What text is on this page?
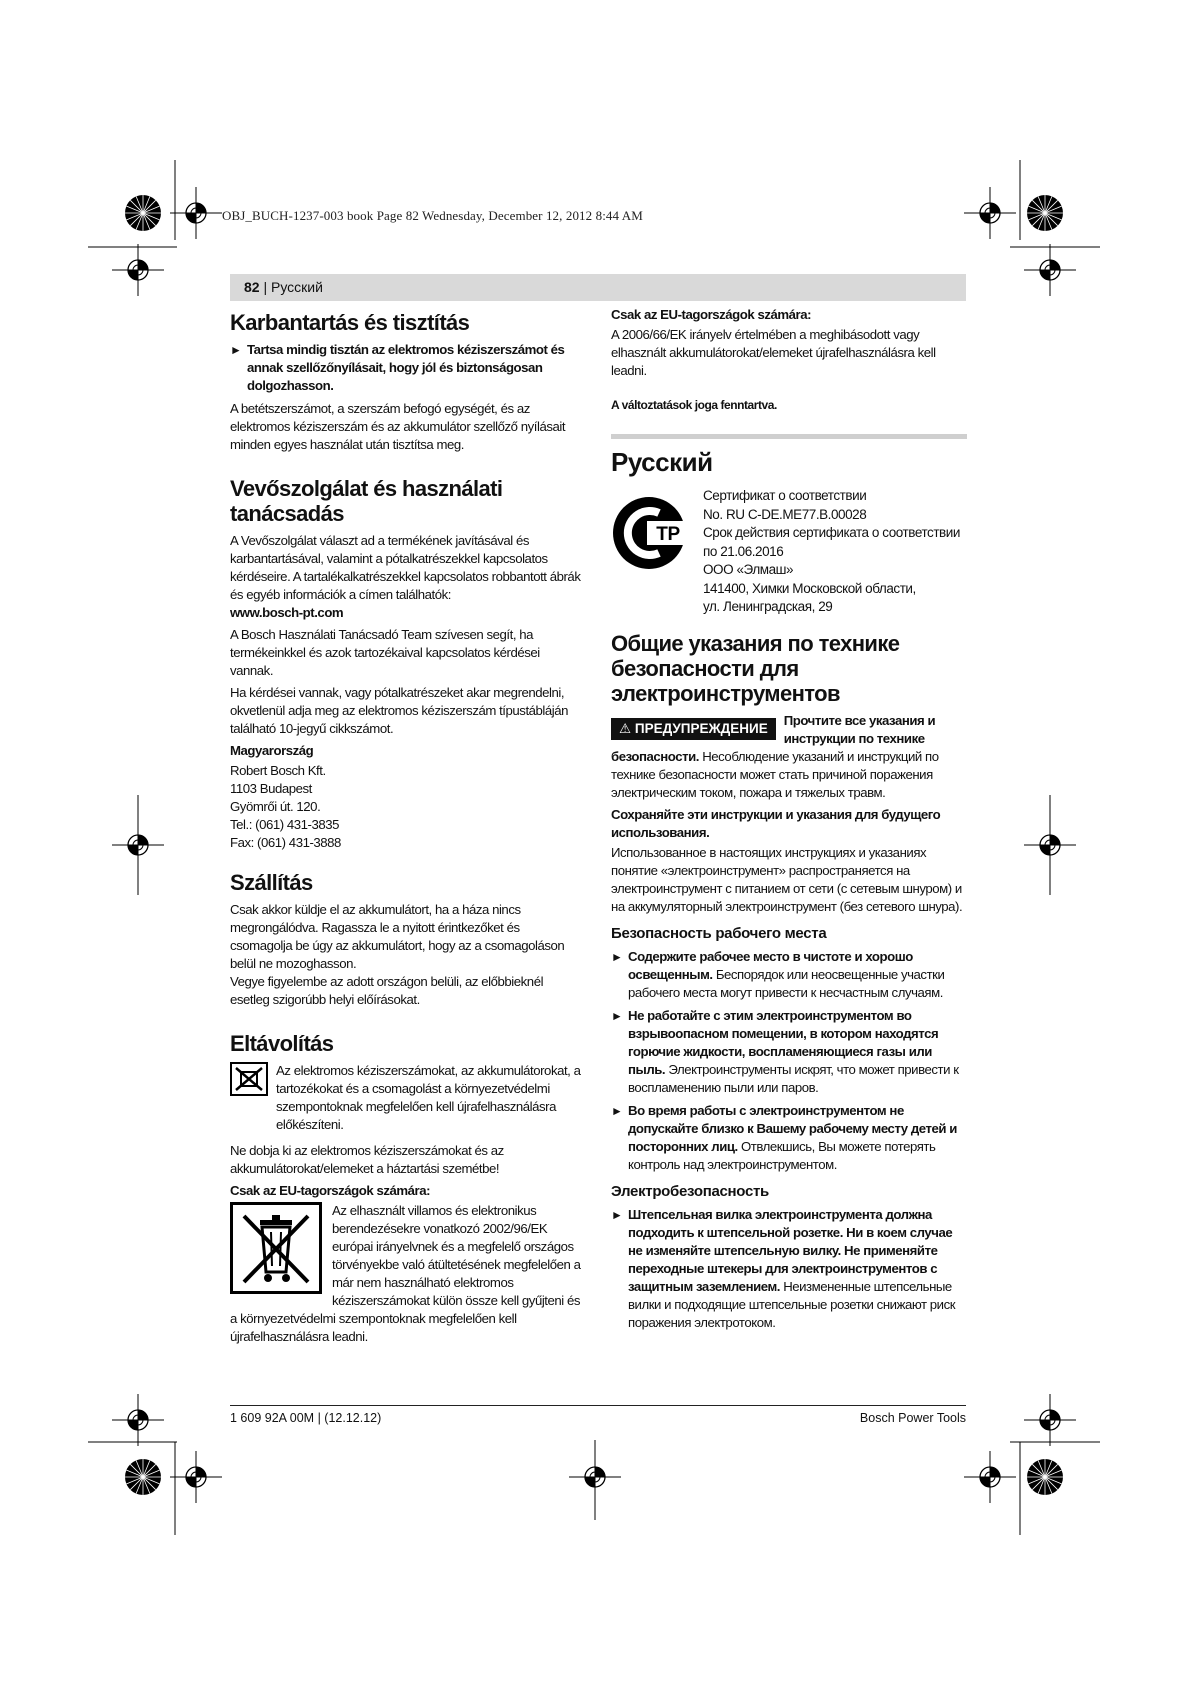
OBJ_BUCH-1237-003 book Page 82 Wednesday, December 12, 2012 8:44 AM
82 | Русский
Karbantartás és tisztítás
► Tartsa mindig tisztán az elektromos kéziszerszámot és annak szellőzőnyílásait, hogy jól és biztonságosan dolgozhasson.

A betétszerszámot, a szerszám befogó egységét, és az elektromos kéziszerszám és az akkumulátor szellőző nyílásait minden egyes használat után tisztítsa meg.

Vevőszolgálat és használati tanácsadás

A Vevőszolgálat választ ad a termékének javításával és karbantartásával, valamint a pótalkatrészekkel kapcsolatos kérdéseire. A tartalékalkatrészekkel kapcsolatos robbantott ábrák és egyéb információk a címen találhatók:
www.bosch-pt.com

A Bosch Használati Tanácsadó Team szívesen segít, ha termékeinkkel és azok tartozékaival kapcsolatos kérdései vannak.

Ha kérdései vannak, vagy pótalkatrészeket akar megrendelni, okvetlenül adja meg az elektromos kéziszerszám típustábláján található 10-jegyű cikkszámot.

Magyarország

Robert Bosch Kft.

1103 Budapest

Gyömrői út. 120.

Tel.: (061) 431-3835

Fax: (061) 431-3888

Szállítás

Csak akkor küldje el az akkumulátort, ha a háza nincs megrongálódva. Ragassza le a nyitott érintkezőket és csomagolja be úgy az akkumulátort, hogy az a csomagoláson belül ne mozoghasson.
Vegye figyelembe az adott országon belüli, az előbbieknél esetleg szigorúbb helyi előírásokat.

Eltávolítás

Az elektromos kéziszerszámokat, az akkumulátorokat, a tartozékokat és a csomagolást a környezetvédelmi szempontoknak megfelelően kell újrafelhasználásra előkészíteni.

Ne dobja ki az elektromos kéziszerszámokat és az akkumulátorokat/elemeket a háztartási szemétbe!

Csak az EU-tagországok számára:

Az elhasznált villamos és elektronikus berendezésekre vonatkozó 2002/96/EK európai irányelvnek és a megfelelő országos törvényekbe való átültetésének megfelelően a már nem használható elektromos kéziszerszámokat külön össze kell gyűjteni és a környezetvédelmi szempontoknak megfelelően kell újrafelhasználásra leadni.

Csak az EU-tagországok számára:

A 2006/66/EK irányelv értelmében a meghibásodott vagy elhasznált akkumulátorokat/elemeket újrafelhasználásra kell leadni.

A változtatások joga fenntartva.

Русский
TP

Сертификат о соответствии

No. RU C-DE.ME77.B.00028

Срок действия сертификата о соответствии

по 21.06.2016

ООО «Элмаш»

141400, Химки Московской области,

ул. Ленинградская, 29

Общие указания по технике безопасности для электроинструментов
⚠ ПРЕДУПРЕЖДЕНИЕ
Прочтите все указания и инструкции по технике безопасности. Несоблюдение указаний и инструкций по технике безопасности может стать причиной поражения электрическим током, пожара и тяжелых травм.

Сохраняйте эти инструкции и указания для будущего использования.

Использованное в настоящих инструкциях и указаниях понятие «электроинструмент» распространяется на электроинструмент с питанием от сети (с сетевым шнуром) и на аккумуляторный электроинструмент (без сетевого шнура).

Безопасность рабочего места
► Содержите рабочее место в чистоте и хорошо освещенным. Беспорядок или неосвещенные участки рабочего места могут привести к несчастным случаям.
► Не работайте с этим электроинструментом во взрывоопасном помещении, в котором находятся горючие жидкости, воспламеняющиеся газы или пыль. Электроинструменты искрят, что может привести к воспламенению пыли или паров.
► Во время работы с электроинструментом не допускайте близко к Вашему рабочему месту детей и посторонних лиц. Отвлекшись, Вы можете потерять контроль над электроинструментом.
Электробезопасность
► Штепсельная вилка электроинструмента должна подходить к штепсельной розетке. Ни в коем случае не изменяйте штепсельную вилку. Не применяйте переходные штекеры для электроинструментов с защитным заземлением. Неизмененные штепсельные вилки и подходящие штепсельные розетки снижают риск поражения электротоком.
1 609 92A 00M | (12.12.12)	Bosch Power Tools
